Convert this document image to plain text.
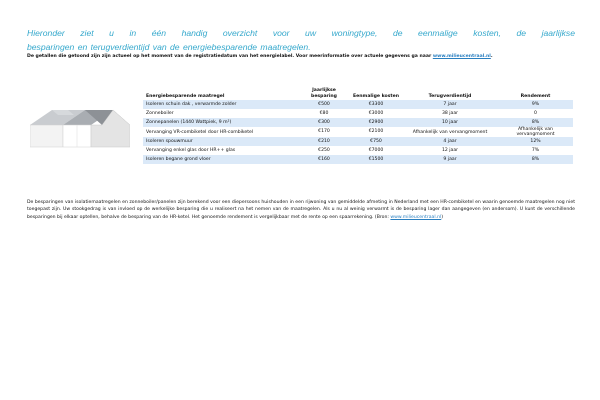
Hieronder ziet u in één handig overzicht voor uw woningtype, de eenmalige kosten, de jaarlijkse
besparingen en terugverdientijd van de energiebesparende maatregelen.
De getallen die getoond zijn zijn actueel op het moment van de registratiedatum van het energielabel. Voor meerinformatie over actuele gegevens ga naar www.milieucentraal.nl.
Energiebesparende maatregel	Jaarlijkse besparing	Eenmalige kosten	Terugverdientijd	Rendement
Isoleren schuin dak , verwarmde zolder	€500	€3300	7 jaar	9%
Zonneboiler	€80	€3000	38 jaar	0
Zonnepanelen (1440 Wattpiek, 9 m²)	€300	€2900	10 jaar	8%
Vervanging VR-combiketel door HR-combiketel	€170	€2100	Afhankelijk van vervangmoment	Afhankelijk van vervangmoment
Isoleren spouwmuur	€210	€750	4 jaar	12%
Vervanging enkel glas door HR++ glas	€250	€7000	12 jaar	7%
Isoleren begane grond vloer	€160	€1500	9 jaar	8%
De besparingen van isolatiemaatregelen en zonneboiler/panelen zijn berekend voor een diepersoons huishouden in een rijwoning van gemiddelde afmeting in Nederland met een HR-combiketel en waarin genoemde maatregelen nog niet toegepast zijn. Uw stookgedrag is van invloed op de werkelijke besparing die u realiseert na het nemen van de maatregelen. Als u nu al weinig verwarmt is de besparing lager dan aangegeven (en andersom). U kunt de verschillende besparingen bij elkaar optellen, behalve de besparing van de HR-ketel. Het genoemde rendement is vergelijkbaar met de rente op een spaarrekening. (Bron: www.milieucentraal.nl)
